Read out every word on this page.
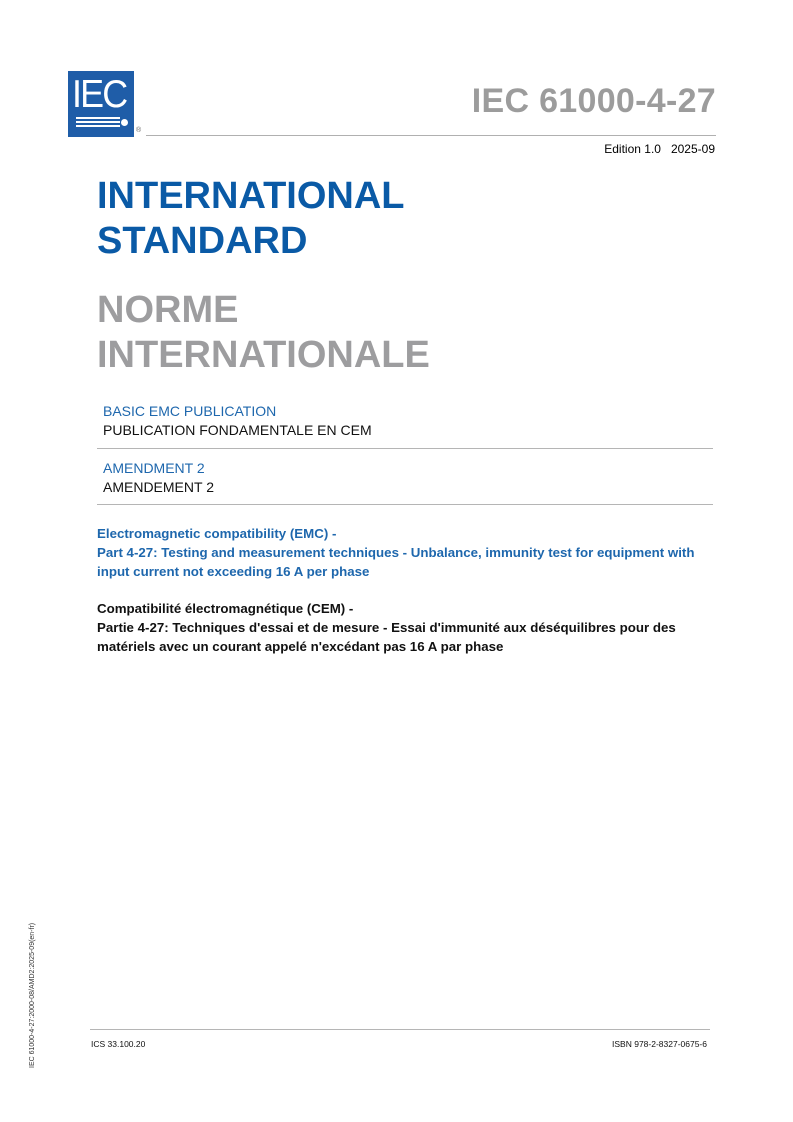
IEC
®
IEC 61000-4-27
Edition 1.0   2025-09
INTERNATIONAL
STANDARD
NORME
INTERNATIONALE
BASIC EMC PUBLICATION
PUBLICATION FONDAMENTALE EN CEM
AMENDMENT 2
AMENDEMENT 2
Electromagnetic compatibility (EMC) -
Part 4-27: Testing and measurement techniques - Unbalance, immunity test for equipment with input current not exceeding 16 A per phase
Compatibilité électromagnétique (CEM) -
Partie 4-27: Techniques d'essai et de mesure - Essai d'immunité aux déséquilibres pour des matériels avec un courant appelé n'excédant pas 16 A par phase
IEC 61000-4-27:2000-08/AMD2:2025-09(en-fr)	ICS 33.100.20	ISBN 978-2-8327-0675-6
